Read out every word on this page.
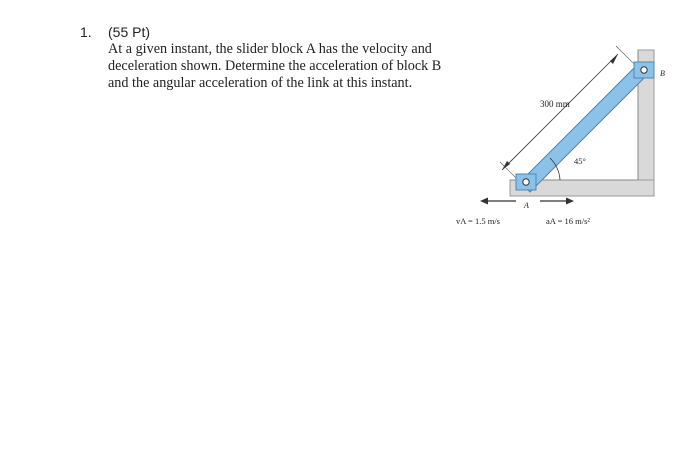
1. (55 Pt)

At a given instant, the slider block A has the velocity and

deceleration shown. Determine the acceleration of block B

and the angular acceleration of the link at this instant.

300 mm
45°
A
B
vA = 1.5 m/s	aA = 16 m/s²
